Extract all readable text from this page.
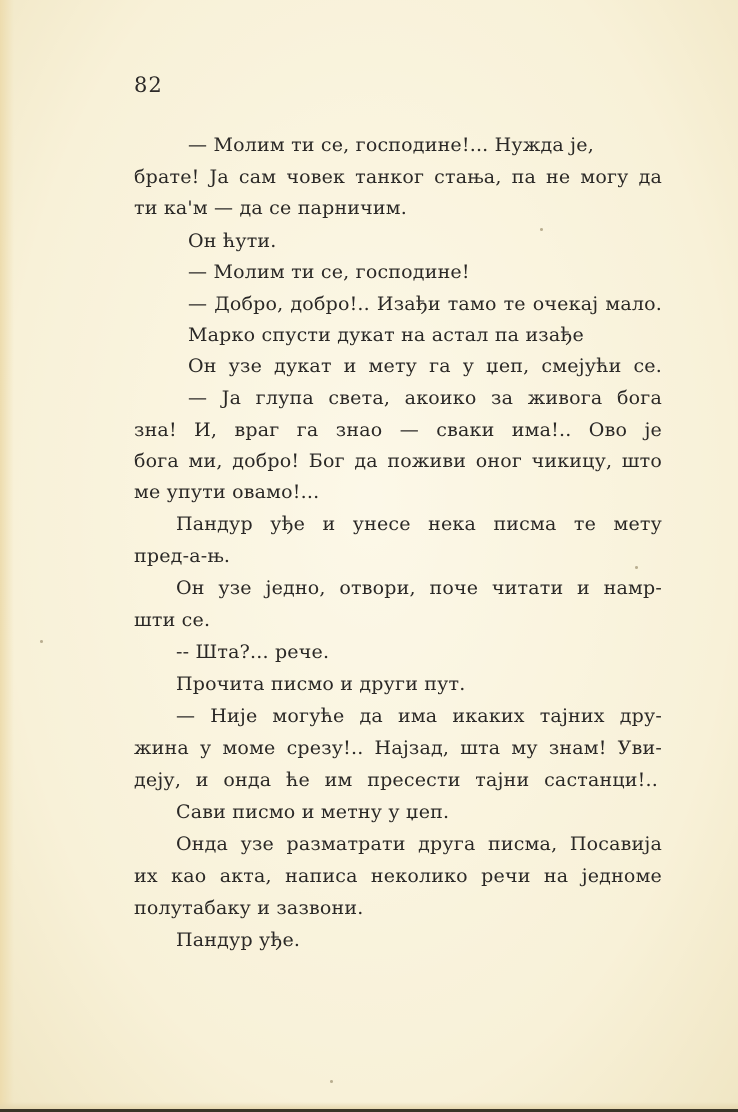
82
— Молим ти се, господине!... Нужда је,
брате! Ја сам човек танког стања, па не могу да
ти ка'м — да се парничим.
Он ћути.
— Молим ти се, господине!
— Добро, добро!.. Изађи тамо те очекај мало.
Марко спусти дукат на астал па изађе
Он узе дукат и мету га у џеп, смејући се.
— Ја глупа света, акоико за живога бога
зна! И, враг га знао — сваки има!.. Ово је
бога ми, добро! Бог да поживи оног чикицу, што
ме упути овамо!...
Пандур уђе и унесе нека писма те мету
пред-а-њ.
Он узе једно, отвори, поче читати и намр-
шти се.
-- Шта?... рече.
Прочита писмо и други пут.
— Није могуће да има икаких тајних дру-
жина у моме срезу!.. Најзад, шта му знам! Уви-
деју, и онда ће им пресести тајни састанци!..
Сави писмо и метну у џеп.
Онда узе разматрати друга писма, Посавија
их као акта, написа неколико речи на једноме
полутабаку и зазвони.
Пандур уђе.
